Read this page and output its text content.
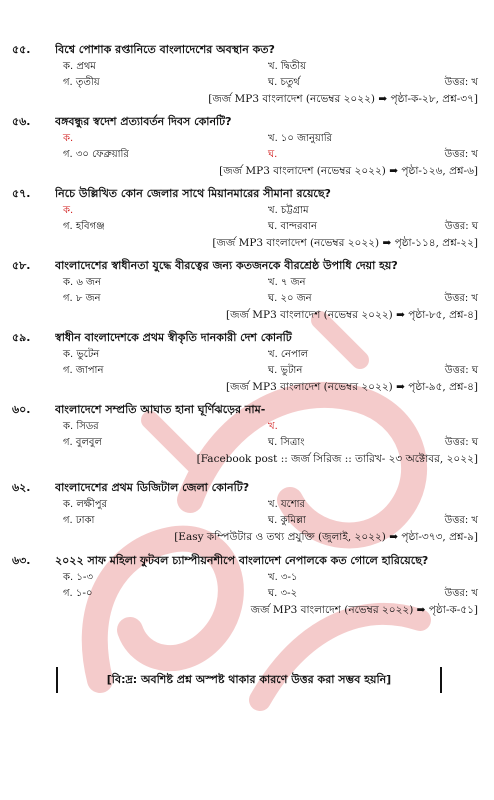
৫৫.	বিশ্বে পোশাক রপ্তানিতে বাংলাদেশের অবস্থান কত?
ক. প্রথম	খ. দ্বিতীয়
গ. তৃতীয়	ঘ. চতুর্থ	উত্তর: খ
[জর্জ MP3 বাংলাদেশ (নভেম্বর ২০২২) ➡ পৃষ্ঠা-ক-২৮, প্রশ্ন-৩৭]
৫৬.	বঙ্গবন্ধুর স্বদেশ প্রত্যাবর্তন দিবস কোনটি?
ক.	খ. ১০ জানুয়ারি
গ. ৩০ ফেব্রুয়ারি	ঘ.	উত্তর: খ
[জর্জ MP3 বাংলাদেশ (নভেম্বর ২০২২) ➡ পৃষ্ঠা-১২৬, প্রশ্ন-৬]
৫৭.	নিচে উল্লিখিত কোন জেলার সাথে মিয়ানমারের সীমানা রয়েছে?
ক.	খ. চট্টগ্রাম
গ. হবিগঞ্জ	ঘ. বান্দরবান	উত্তর: ঘ
[জর্জ MP3 বাংলাদেশ (নভেম্বর ২০২২) ➡ পৃষ্ঠা-১১৪, প্রশ্ন-২২]
৫৮.	বাংলাদেশের স্বাধীনতা যুদ্ধে বীরত্বের জন্য কতজনকে বীরশ্রেষ্ঠ উপাধি দেয়া হয়?
ক. ৬ জন	খ. ৭ জন
গ. ৮ জন	ঘ. ২০ জন	উত্তর: খ
[জর্জ MP3 বাংলাদেশ (নভেম্বর ২০২২) ➡ পৃষ্ঠা-৮৫, প্রশ্ন-৪]
৫৯.	স্বাধীন বাংলাদেশকে প্রথম স্বীকৃতি দানকারী দেশ কোনটি
ক. ভুটেন	খ. নেপাল
গ. জাপান	ঘ. ভুটান	উত্তর: ঘ
[জর্জ MP3 বাংলাদেশ (নভেম্বর ২০২২) ➡ পৃষ্ঠা-৯৫, প্রশ্ন-৪]
৬০.	বাংলাদেশে সম্প্রতি আঘাত হানা ঘূর্ণিঝড়ের নাম-
ক. সিডর	খ.
গ. বুলবুল	ঘ. সিত্রাং	উত্তর: ঘ
[Facebook post :: জর্জ সিরিজ :: তারিখ- ২৩ অক্টোবর, ২০২২]
৬২.	বাংলাদেশের প্রথম ডিজিটাল জেলা কোনটি?
ক. লক্ষীপুর	খ. যশোর
গ. ঢাকা	ঘ. কুমিল্লা	উত্তর: খ
[Easy কম্পিউটার ও তথ্য প্রযুক্তি (জুলাই, ২০২২) ➡ পৃষ্ঠা-৩৭৩, প্রশ্ন-৯]
৬৩.	২০২২ সাফ মহিলা ফুটবল চ্যাম্পীয়নশীপে বাংলাদেশ নেপালকে কত গোলে হারিয়েছে?
ক. ১-৩	খ. ৩-১
গ. ১-০	ঘ. ৩-২	উত্তর: খ
জর্জ MP3 বাংলাদেশ (নভেম্বর ২০২২) ➡ পৃষ্ঠা-ক-৫১]
[বি:দ্র: অবশিষ্ট প্রশ্ন অস্পষ্ট থাকার কারণে উত্তর করা সম্ভব হয়নি]
